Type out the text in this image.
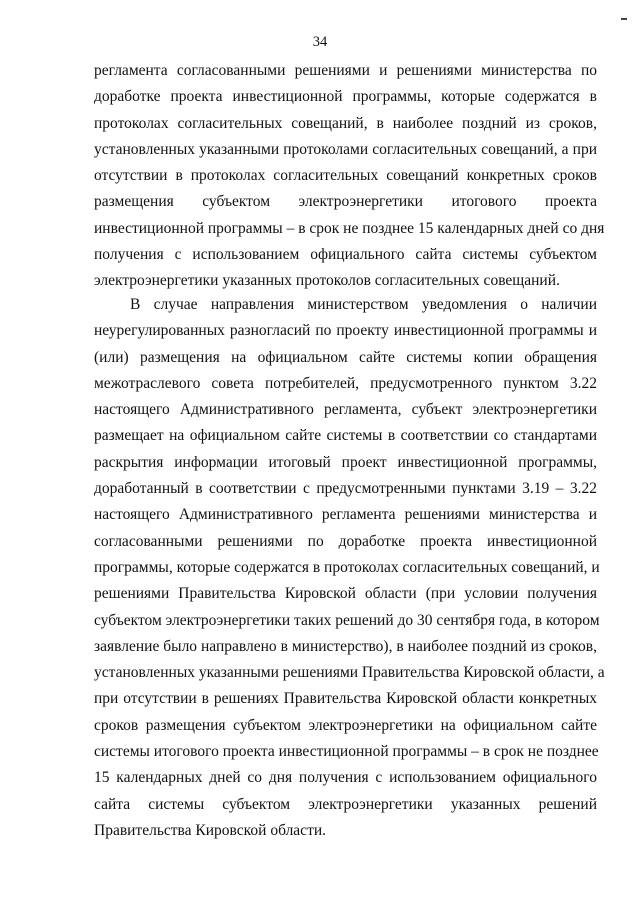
34
регламента согласованными решениями и решениями министерства по
доработке проекта инвестиционной программы, которые содержатся в
протоколах согласительных совещаний, в наиболее поздний из сроков,
установленных указанными протоколами согласительных совещаний, а при
отсутствии в протоколах согласительных совещаний конкретных сроков
размещения субъектом электроэнергетики итогового проекта
инвестиционной программы – в срок не позднее 15 календарных дней со дня
получения с использованием официального сайта системы субъектом
электроэнергетики указанных протоколов согласительных совещаний.
В случае направления министерством уведомления о наличии
неурегулированных разногласий по проекту инвестиционной программы и
(или) размещения на официальном сайте системы копии обращения
межотраслевого совета потребителей, предусмотренного пунктом 3.22
настоящего Административного регламента, субъект электроэнергетики
размещает на официальном сайте системы в соответствии со стандартами
раскрытия информации итоговый проект инвестиционной программы,
доработанный в соответствии с предусмотренными пунктами 3.19 – 3.22
настоящего Административного регламента решениями министерства и
согласованными решениями по доработке проекта инвестиционной
программы, которые содержатся в протоколах согласительных совещаний, и
решениями Правительства Кировской области (при условии получения
субъектом электроэнергетики таких решений до 30 сентября года, в котором
заявление было направлено в министерство), в наиболее поздний из сроков,
установленных указанными решениями Правительства Кировской области, а
при отсутствии в решениях Правительства Кировской области конкретных
сроков размещения субъектом электроэнергетики на официальном сайте
системы итогового проекта инвестиционной программы – в срок не позднее
15 календарных дней со дня получения с использованием официального
сайта системы субъектом электроэнергетики указанных решений
Правительства Кировской области.
